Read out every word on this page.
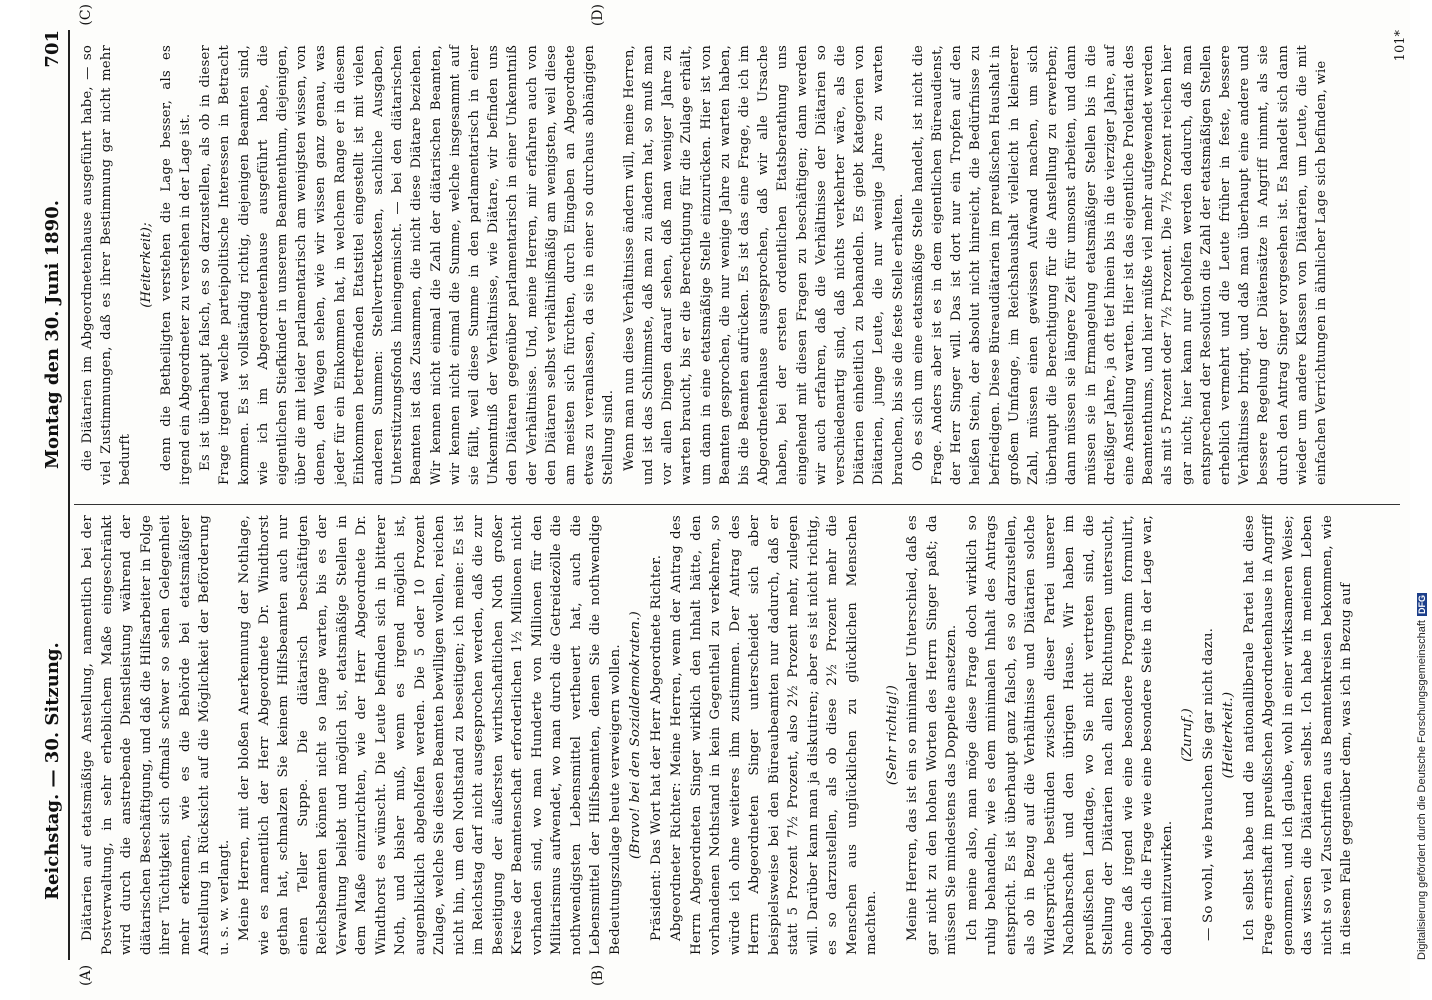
Reichstag. — 30. Sitzung.
Montag den 30. Juni 1890.
701
(A)	(B)
(C)	(D)

Diätarien auf etatsmäßige Anstellung, namentlich bei der Postverwaltung, in sehr erheblichem Maße eingeschränkt wird durch die anstrebende Dienstleistung während der diätarischen Beschäftigung, und daß die Hilfsarbeiter in Folge ihrer Tüchtigkeit sich oftmals schwer so sehen Gelegenheit mehr erkennen, wie es die Behörde bei etatsmäßiger Anstellung in Rücksicht auf die Möglichkeit der Beförderung u. s. w. verlangt. Meine Herren, mit der bloßen Anerkennung der Nothlage, wie es namentlich der Herr Abgeordnete Dr. Windthorst gethan hat, schmalzen Sie keinem Hilfsbeamten auch nur einen Teller Suppe. Die diätarisch beschäftigten Reichsbeamten können nicht so lange warten, bis es der Verwaltung beliebt und möglich ist, etatsmäßige Stellen in dem Maße einzurichten, wie der Herr Abgeordnete Dr. Windthorst es wünscht. Die Leute befinden sich in bitterer Noth, und bisher muß, wenn es irgend möglich ist, augenblicklich abgeholfen werden. Die 5 oder 10 Prozent Zulage, welche Sie diesen Beamten bewilligen wollen, reichen nicht hin, um den Nothstand zu beseitigen; ich meine: Es ist im Reichstag darf nicht ausgesprochen werden, daß die zur Beseitigung der äußersten wirthschaftlichen Noth großer Kreise der Beamtenschaft erforderlichen 1½ Millionen nicht vorhanden sind, wo man Hunderte von Millionen für den Militarismus aufwendet, wo man durch die Getreidezölle die nothwendigsten Lebensmittel vertheuert hat, auch die Lebensmittel der Hilfsbeamten, denen Sie die nothwendige Bedeutungszulage heute verweigern wollen. (Bravo! bei den Sozialdemokraten.) Präsident: Das Wort hat der Herr Abgeordnete Richter. Abgeordneter Richter: Meine Herren, wenn der Antrag des Herrn Abgeordneten Singer wirklich den Inhalt hätte, den vorhandenen Nothstand in kein Gegentheil zu verkehren, so würde ich ohne weiteres ihm zustimmen. Der Antrag des Herrn Abgeordneten Singer unterscheidet sich aber beispielsweise bei den Büreaubeamten nur dadurch, daß er statt 5 Prozent 7½ Prozent, also 2½ Prozent mehr, zulegen will. Darüber kann man ja diskutiren; aber es ist nicht richtig, es so darzustellen, als ob diese 2½ Prozent mehr die Menschen aus unglücklichen zu glücklichen Menschen machten.

(Sehr richtig!) Meine Herren, das ist ein so minimaler Unterschied, daß es gar nicht zu den hohen Worten des Herrn Singer paßt; da müssen Sie mindestens das Doppelte ansetzen. Ich meine also, man möge diese Frage doch wirklich so ruhig behandeln, wie es dem minimalen Inhalt des Antrags entspricht. Es ist überhaupt ganz falsch, es so darzustellen, als ob in Bezug auf die Verhältnisse und Diätarien solche Widersprüche bestünden zwischen dieser Partei unserer Nachbarschaft und den übrigen Hause. Wir haben im preußischen Landtage, wo Sie nicht vertreten sind, die Stellung der Diätarien nach allen Richtungen untersucht, ohne daß irgend wie eine besondere Programm formulirt, obgleich die Frage wie eine besondere Seite in der Lage war, dabei mitzuwirken.

(Zuruf.) — So wohl, wie brauchen Sie gar nicht dazu. (Heiterkeit.) Ich selbst habe und die nationalliberale Partei hat diese Frage ernsthaft im preußischen Abgeordnetenhause in Angriff genommen, und ich glaube, wohl in einer wirksameren Weise; das wissen die Diätarien selbst. Ich habe in meinem Leben nicht so viel Zuschriften aus Beamtenkreisen bekommen, wie in diesem Falle gegenüber dem, was ich in Bezug auf

die Diätarien im Abgeordnetenhause ausgeführt habe, — so viel Zustimmungen, daß es ihrer Bestimmung gar nicht mehr bedurft

(Heiterkeit); denn die Betheiligten verstehen die Lage besser, als es irgend ein Abgeordneter zu verstehen in der Lage ist. Es ist überhaupt falsch, es so darzustellen, als ob in dieser Frage irgend welche parteipolitische Interessen in Betracht kommen. Es ist vollständig richtig, diejenigen Beamten sind, wie ich im Abgeordnetenhause ausgeführt habe, die eigentlichen Stiefkinder in unserem Beamtenthum, diejenigen, über die mit leider parlamentarisch am wenigsten wissen, von denen, den Wagen sehen, wie wir wissen ganz genau, was jeder für ein Einkommen hat, in welchem Range er in diesem Einkommen betreffenden Etatstitel eingestellt ist mit vielen anderen Summen: Stellvertretkosten, sachliche Ausgaben, Unterstützungsfonds hineingemischt. — bei den diätarischen Beamten ist das Zusammen, die nicht diese Diätare beziehen. Wir kennen nicht einmal die Zahl der diätarischen Beamten, wir kennen nicht einmal die Summe, welche insgesammt auf sie fällt, weil diese Summe in den parlamentarisch in einer Unkenntniß der Verhältnisse, wie Diätare, wir befinden uns den Diätaren gegenüber parlamentarisch in einer Unkenntniß der Verhältnisse. Und, meine Herren, mir erfahren auch von den Diätaren selbst verhältnißmäßig am wenigsten, weil diese am meisten sich fürchten, durch Eingaben an Abgeordnete etwas zu veranlassen, da sie in einer so durchaus abhängigen Stellung sind. Wenn man nun diese Verhältnisse ändern will, meine Herren, und ist das Schlimmste, daß man zu ändern hat, so muß man vor allen Dingen darauf sehen, daß man weniger Jahre zu warten braucht, bis er die Berechtigung für die Zulage erhält, um dann in eine etatsmäßige Stelle einzurücken. Hier ist von Beamten gesprochen, die nur wenige Jahre zu warten haben, bis die Beamten aufrücken. Es ist das eine Frage, die ich im Abgeordnetenhause ausgesprochen, daß wir alle Ursache haben, bei der ersten ordentlichen Etatsberathung uns eingehend mit diesen Fragen zu beschäftigen; dann werden wir auch erfahren, daß die Verhältnisse der Diätarien so verschiedenartig sind, daß nichts verkehrter wäre, als die Diätarien einheitlich zu behandeln. Es giebt Kategorien von Diätarien, junge Leute, die nur wenige Jahre zu warten brauchen, bis sie die feste Stelle erhalten. Ob es sich um eine etatsmäßige Stelle handelt, ist nicht die Frage. Anders aber ist es in dem eigentlichen Büreaudienst, der Herr Singer will. Das ist dort nur ein Tropfen auf den heißen Stein, der absolut nicht hinreicht, die Bedürfnisse zu befriedigen. Diese Büreaudiätarien im preußischen Haushalt in großem Umfange, im Reichshaushalt vielleicht in kleinerer Zahl, müssen einen gewissen Aufwand machen, um sich überhaupt die Berechtigung für die Anstellung zu erwerben; dann müssen sie längere Zeit für umsonst arbeiten, und dann müssen sie in Ermangelung etatsmäßiger Stellen bis in die dreißiger Jahre, ja oft tief hinein bis in die vierziger Jahre, auf eine Anstellung warten. Hier ist das eigentliche Proletariat des Beamtenthums, und hier müßte viel mehr aufgewendet werden als mit 5 Prozent oder 7½ Prozent. Die 7½ Prozent reichen hier gar nicht; hier kann nur geholfen werden dadurch, daß man entsprechend der Resolution die Zahl der etatsmäßigen Stellen erheblich vermehrt und die Leute früher in feste, bessere Verhältnisse bringt, und daß man überhaupt eine andere und bessere Regelung der Diätensätze in Angriff nimmt, als sie durch den Antrag Singer vorgesehen ist. Es handelt sich dann wieder um andere Klassen von Diätarien, um Leute, die mit einfachen Verrichtungen in ähnlicher Lage sich befinden, wie

101*
Digitalisierung gefördert durch die Deutsche ForschungsgemeinschaftDFG
